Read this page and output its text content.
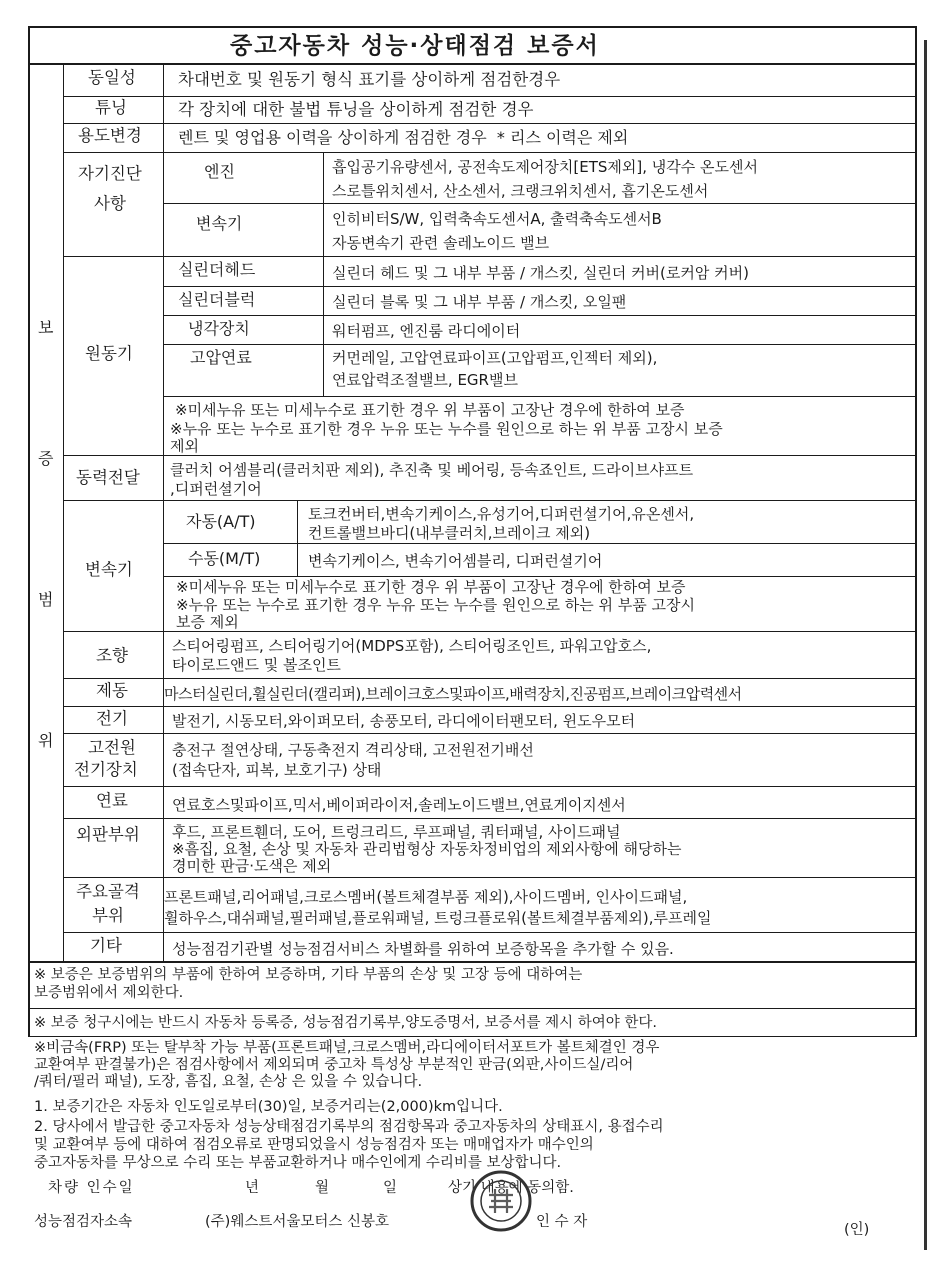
중고자동차 성능·상태점검 보증서
보
증
범
위
동일성	차대번호 및 원동기 형식 표기를 상이하게 점검한경우
튜닝	각 장치에 대한 불법 튜닝을 상이하게 점검한 경우
용도변경 렌트 및 영업용 이력을 상이하게 점검한 경우  * 리스 이력은 제외
자기진단
사항
엔진	흡입공기유량센서, 공전속도제어장치[ETS제외], 냉각수 온도센서
스로틀위치센서, 산소센서, 크랭크위치센서, 흡기온도센서
변속기	인히비터S/W, 입력축속도센서A, 출력축속도센서B
자동변속기 관련 솔레노이드 밸브
원동기
실린더헤드	실린더 헤드 및 그 내부 부품 / 개스킷, 실린더 커버(로커암 커버)
실린더블럭	실린더 블록 및 그 내부 부품 / 개스킷, 오일팬
냉각장치	워터펌프, 엔진룸 라디에이터
고압연료	커먼레일, 고압연료파이프(고압펌프,인젝터 제외),
연료압력조절밸브, EGR밸브
※미세누유 또는 미세누수로 표기한 경우 위 부품이 고장난 경우에 한하여 보증
※누유 또는 누수로 표기한 경우 누유 또는 누수를 원인으로 하는 위 부품 고장시 보증
제외
동력전달 클러치 어셈블리(클러치판 제외), 추진축 및 베어링, 등속죠인트, 드라이브샤프트
,디퍼런셜기어
변속기
자동(A/T)	토크컨버터,변속기케이스,유성기어,디퍼런셜기어,유온센서,
컨트롤밸브바디(내부클러치,브레이크 제외)
수동(M/T)	변속기케이스, 변속기어셈블리, 디퍼런셜기어
※미세누유 또는 미세누수로 표기한 경우 위 부품이 고장난 경우에 한하여 보증
※누유 또는 누수로 표기한 경우 누유 또는 누수를 원인으로 하는 위 부품 고장시
보증 제외
조향	스티어링펌프, 스티어링기어(MDPS포함), 스티어링조인트, 파워고압호스,
타이로드앤드 및 볼조인트
제동 마스터실린더,휠실린더(캘리퍼),브레이크호스및파이프,배력장치,진공펌프,브레이크압력센서
전기	발전기, 시동모터,와이퍼모터, 송풍모터, 라디에이터팬모터, 윈도우모터
고전원
전기장치
충전구 절연상태, 구동축전지 격리상태, 고전원전기배선
(접속단자, 피복, 보호기구) 상태
연료	연료호스및파이프,믹서,베이퍼라이저,솔레노이드밸브,연료게이지센서
외판부위 후드, 프론트휀더, 도어, 트렁크리드, 루프패널, 쿼터패널, 사이드패널
※흠집, 요철, 손상 및 자동차 관리법형상 자동차정비업의 제외사항에 해당하는
경미한 판금·도색은 제외
주요골격
부위
프론트패널,리어패널,크로스멤버(볼트체결부품 제외),사이드멤버, 인사이드패널,
휠하우스,대쉬패널,필러패널,플로워패널, 트렁크플로워(볼트체결부품제외),루프레일
기타	성능점검기관별 성능점검서비스 차별화를 위하여 보증항목을 추가할 수 있음.
※ 보증은 보증범위의 부품에 한하여 보증하며, 기타 부품의 손상 및 고장 등에 대하여는
보증범위에서 제외한다.
※ 보증 청구시에는 반드시 자동차 등록증, 성능점검기록부,양도증명서, 보증서를 제시 하여야 한다.
※비금속(FRP) 또는 탈부착 가능 부품(프론트패널,크로스멤버,라디에이터서포트가 볼트체결인 경우
교환여부 판결불가)은 점검사항에서 제외되며 중고차 특성상 부분적인 판금(외판,사이드실/리어
/쿼터/필러 패널), 도장, 흠집, 요철, 손상 은 있을 수 있습니다.
1. 보증기간은 자동차 인도일로부터(30)일, 보증거리는(2,000)km입니다.
2. 당사에서 발급한 중고자동차 성능상태점검기록부의 점검항목과 중고자동차의 상태표시, 용접수리
및 교환여부 등에 대하여 점검오류로 판명되었을시 성능점검자 또는 매매업자가 매수인의
중고자동차를 무상으로 수리 또는 부품교환하거나 매수인에게 수리비를 보상합니다.
차량 인수일	년	월	일	상기 내용에 동의함.
성능점검자소속	(주)웨스트서울모터스 신봉호	인 수 자	(인)
